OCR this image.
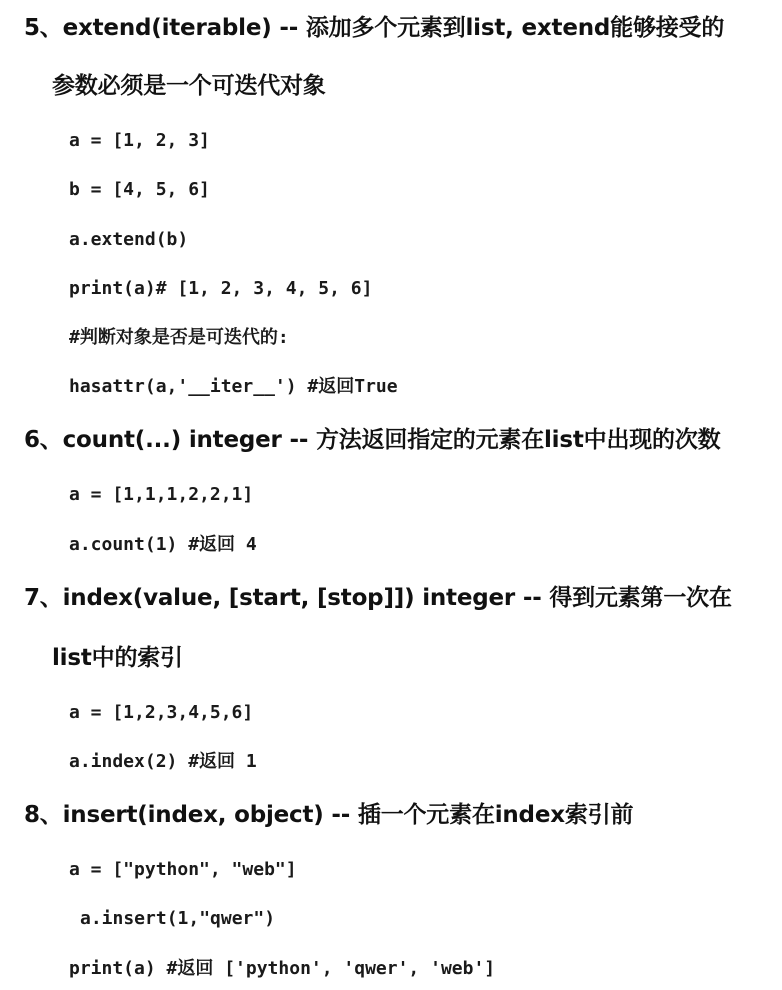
5、extend(iterable) -- 添加多个元素到list, extend能够接受的
参数必须是一个可迭代对象
a = [1, 2, 3]
b = [4, 5, 6]
a.extend(b)
print(a)# [1, 2, 3, 4, 5, 6]
#判断对象是否是可迭代的:
hasattr(a,'__iter__') #返回True
6、count(...) integer -- 方法返回指定的元素在list中出现的次数
a = [1,1,1,2,2,1]
a.count(1) #返回 4
7、index(value, [start, [stop]]) integer -- 得到元素第一次在
list中的索引
a = [1,2,3,4,5,6]
a.index(2) #返回 1
8、insert(index, object) -- 插一个元素在index索引前
a = ["python", "web"]
a.insert(1,"qwer")
print(a) #返回 ['python', 'qwer', 'web']
